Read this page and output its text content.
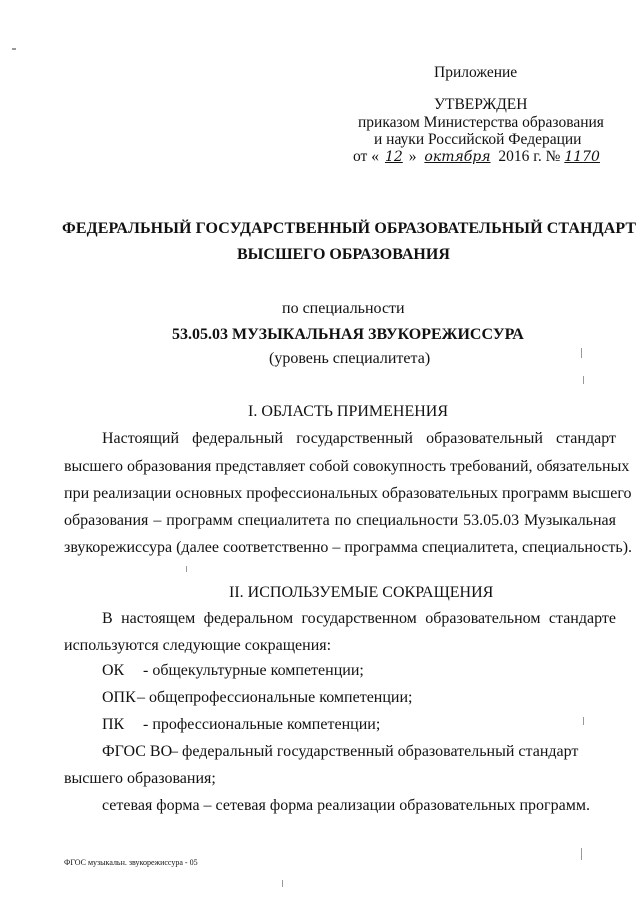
Приложение
УТВЕРЖДЕН
приказом Министерства образования
и науки Российской Федерации
от « 12 » октября 2016 г. № 1170
ФЕДЕРАЛЬНЫЙ ГОСУДАРСТВЕННЫЙ ОБРАЗОВАТЕЛЬНЫЙ СТАНДАРТ
ВЫСШЕГО ОБРАЗОВАНИЯ
по специальности
53.05.03 МУЗЫКАЛЬНАЯ ЗВУКОРЕЖИССУРА
(уровень специалитета)
I. ОБЛАСТЬ ПРИМЕНЕНИЯ
Настоящий федеральный государственный образовательный стандарт
высшего образования представляет собой совокупность требований, обязательных
при реализации основных профессиональных образовательных программ высшего
образования – программ специалитета по специальности 53.05.03 Музыкальная
звукорежиссура (далее соответственно – программа специалитета, специальность).
II. ИСПОЛЬЗУЕМЫЕ СОКРАЩЕНИЯ
В настоящем федеральном государственном образовательном стандарте
используются следующие сокращения:
ОК - общекультурные компетенции;
ОПК – общепрофессиональные компетенции;
ПК - профессиональные компетенции;
ФГОС ВО
– федеральный государственный образовательный стандарт
высшего образования;
сетевая форма – сетевая форма реализации образовательных программ.
ФГОС музыкальн. звукорежиссура - 05
